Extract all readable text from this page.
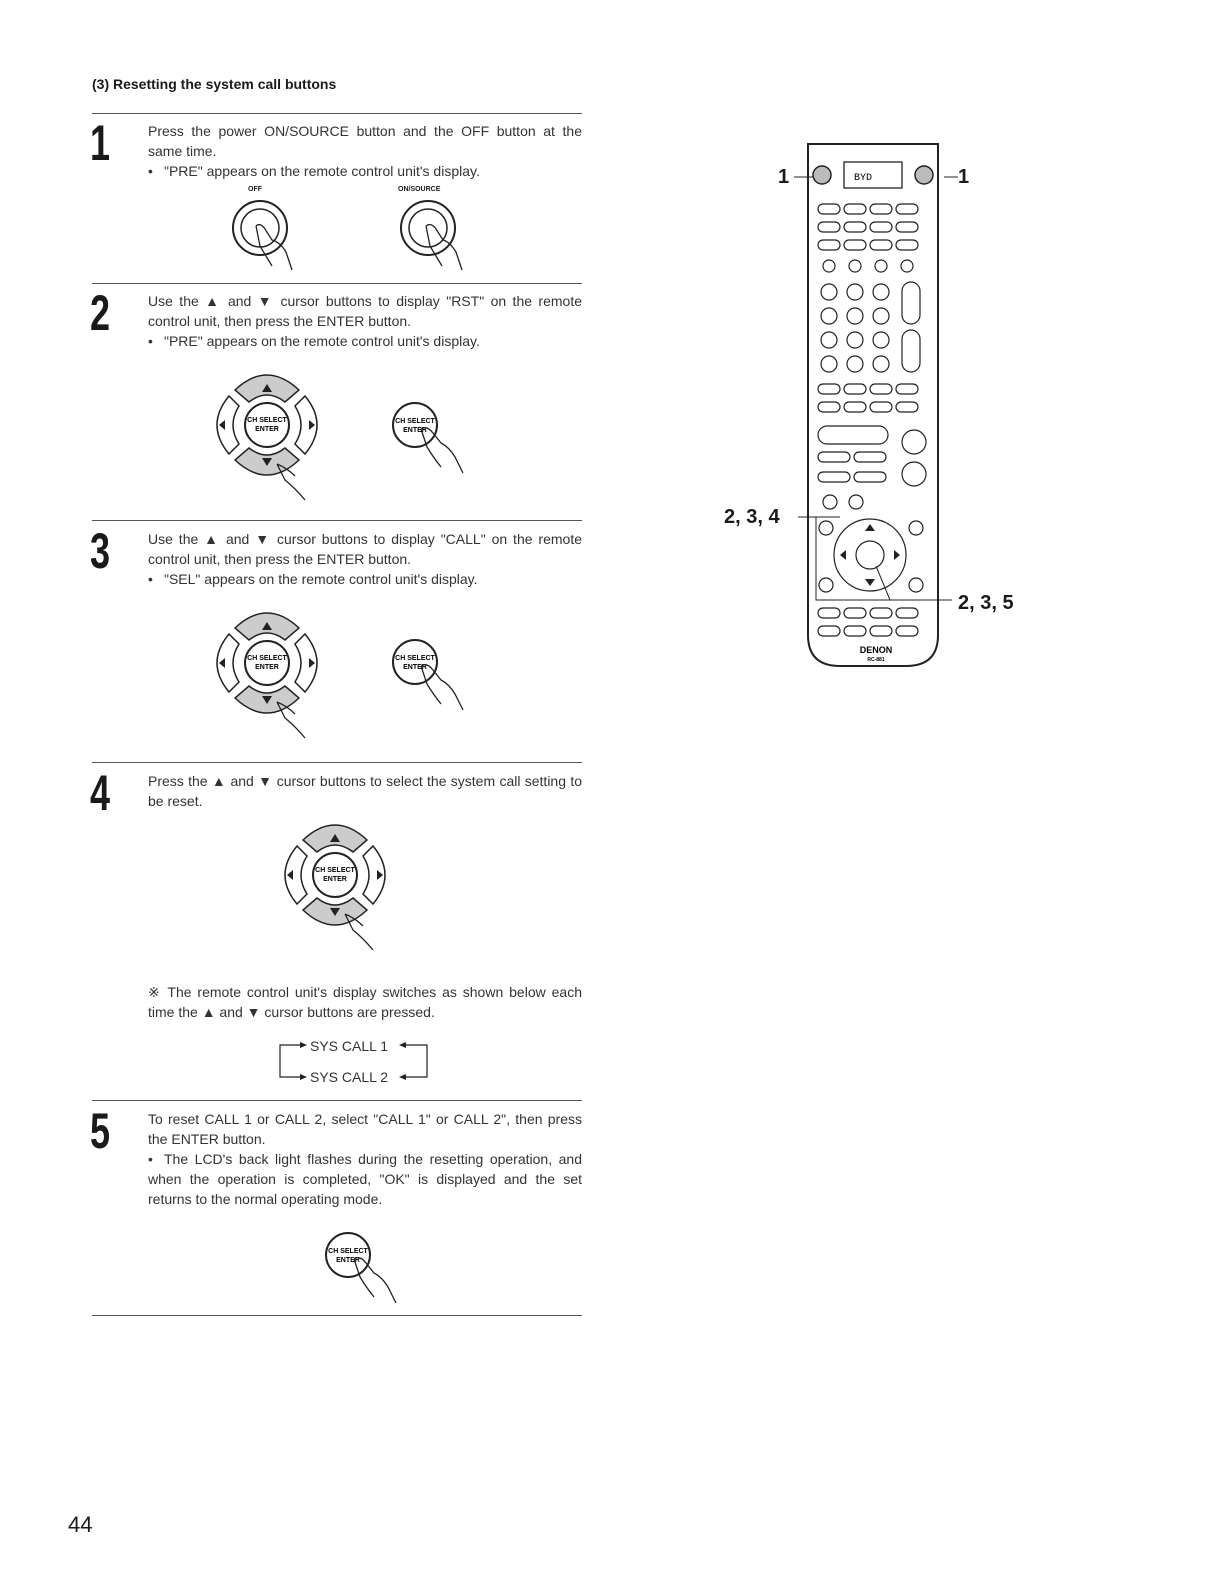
(3) Resetting the system call buttons
1	Press the power ON/SOURCE button and the OFF button at the same time.
• "PRE" appears on the remote control unit's display.
OFF	ON/SOURCE
2	Use the ▲ and ▼ cursor buttons to display "RST" on the remote control unit, then press the ENTER button.
• "PRE" appears on the remote control unit's display.
CH SELECT
ENTER
CH SELECT
ENTER
3	Use the ▲ and ▼ cursor buttons to display "CALL" on the remote control unit, then press the ENTER button.
• "SEL" appears on the remote control unit's display.
CH SELECT
ENTER
CH SELECT
ENTER
4	Press the ▲ and ▼ cursor buttons to select the system call setting to be reset.
CH SELECT
ENTER
※ The remote control unit's display switches as shown below each time the ▲ and ▼ cursor buttons are pressed.
SYS CALL 1
SYS CALL 2
5	To reset CALL 1 or CALL 2, select "CALL 1" or CALL 2", then press the ENTER button.
• The LCD's back light flashes during the resetting operation, and when the operation is completed, "OK" is displayed and the set returns to the normal operating mode.
CH SELECT
ENTER
BYD
DENON
RC-881
1	1
2, 3, 4
2, 3, 5
44
